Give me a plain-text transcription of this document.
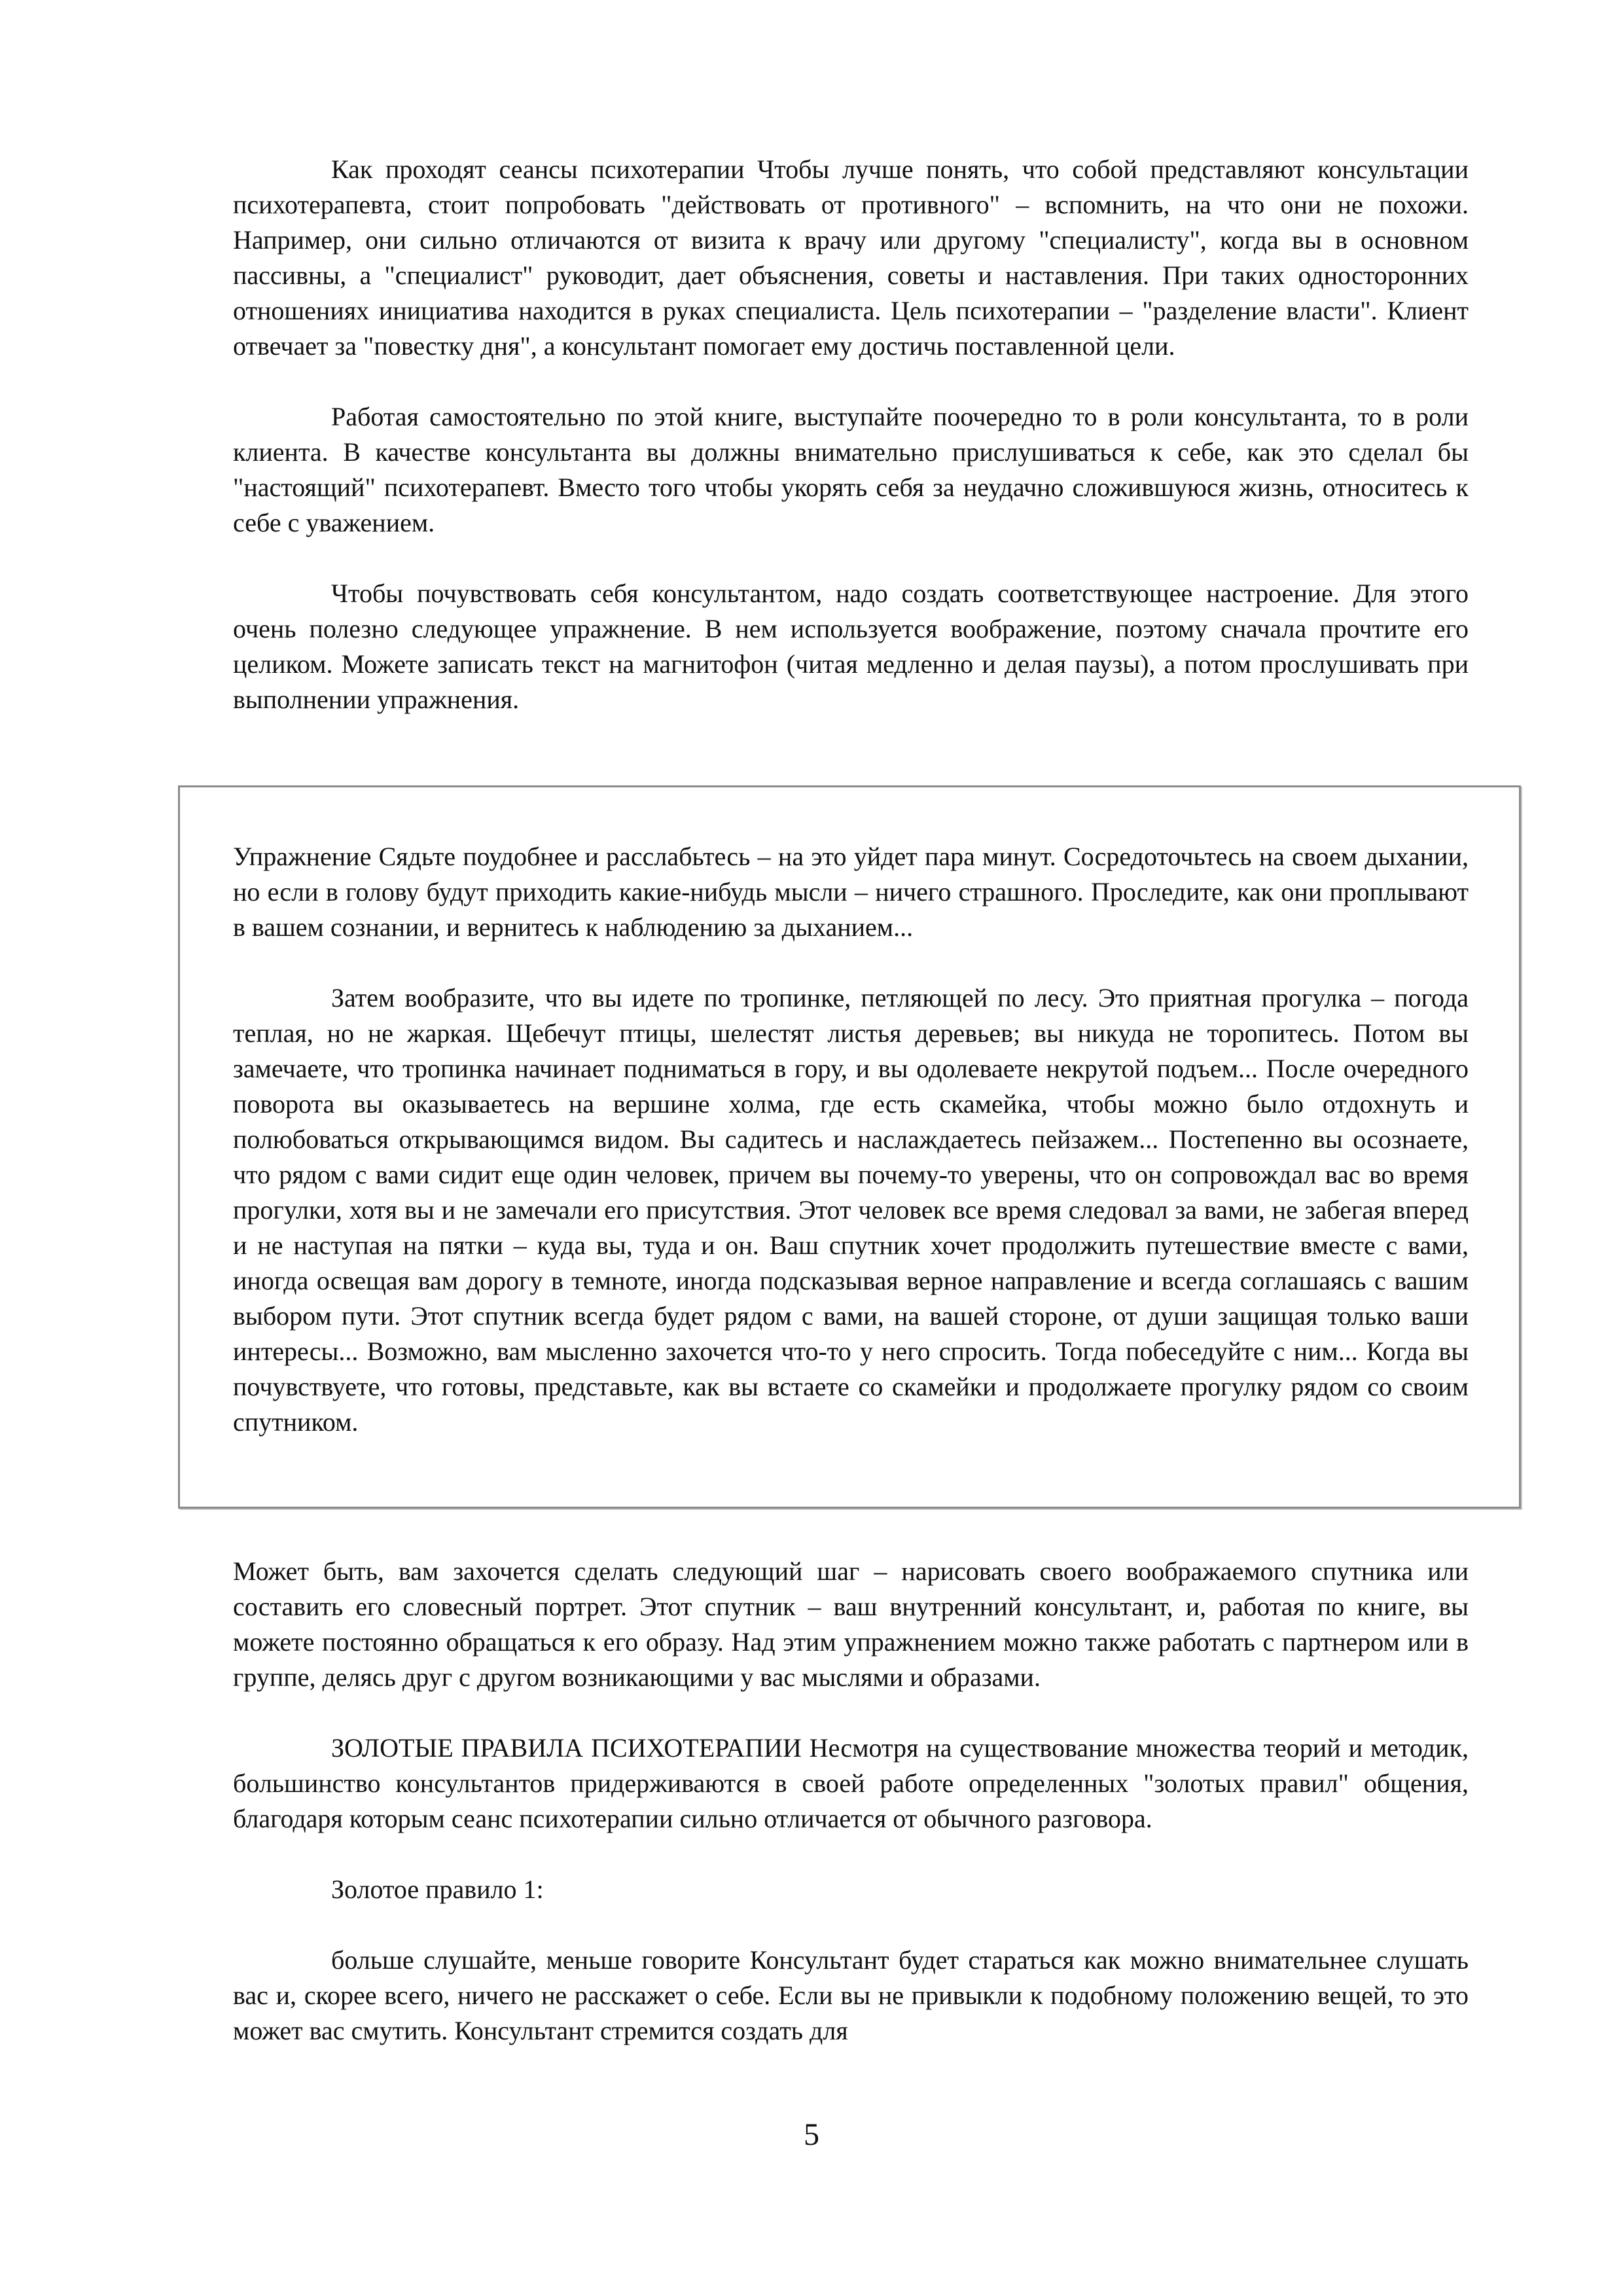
Как проходят сеансы психотерапии Чтобы лучше понять, что собой представляют консультации психотерапевта, стоит попробовать "действовать от противного" – вспомнить, на что они не похожи. Например, они сильно отличаются от визита к врачу или другому "специалисту", когда вы в основном пассивны, а "специалист" руководит, дает объяснения, советы и наставления. При таких односторонних отношениях инициатива находится в руках специалиста. Цель психотерапии – "разделение власти". Клиент отвечает за "повестку дня", а консультант помогает ему достичь поставленной цели.

Работая самостоятельно по этой книге, выступайте поочередно то в роли консультанта, то в роли клиента. В качестве консультанта вы должны внимательно прислушиваться к себе, как это сделал бы "настоящий" психотерапевт. Вместо того чтобы укорять себя за неудачно сложившуюся жизнь, относитесь к себе с уважением.

Чтобы почувствовать себя консультантом, надо создать соответствующее настроение. Для этого очень полезно следующее упражнение. В нем используется воображение, поэтому сначала прочтите его целиком. Можете записать текст на магнитофон (читая медленно и делая паузы), а потом прослушивать при выполнении упражнения.

Упражнение Сядьте поудобнее и расслабьтесь – на это уйдет пара минут. Сосредоточьтесь на своем дыхании, но если в голову будут приходить какие-нибудь мысли – ничего страшного. Проследите, как они проплывают в вашем сознании, и вернитесь к наблюдению за дыханием...

Затем вообразите, что вы идете по тропинке, петляющей по лесу. Это приятная прогулка – погода теплая, но не жаркая. Щебечут птицы, шелестят листья деревьев; вы никуда не торопитесь. Потом вы замечаете, что тропинка начинает подниматься в гору, и вы одолеваете некрутой подъем... После очередного поворота вы оказываетесь на вершине холма, где есть скамейка, чтобы можно было отдохнуть и полюбоваться открывающимся видом. Вы садитесь и наслаждаетесь пейзажем... Постепенно вы осознаете, что рядом с вами сидит еще один человек, причем вы почему-то уверены, что он сопровождал вас во время прогулки, хотя вы и не замечали его присутствия. Этот человек все время следовал за вами, не забегая вперед и не наступая на пятки – куда вы, туда и он. Ваш спутник хочет продолжить путешествие вместе с вами, иногда освещая вам дорогу в темноте, иногда подсказывая верное направление и всегда соглашаясь с вашим выбором пути. Этот спутник всегда будет рядом с вами, на вашей стороне, от души защищая только ваши интересы... Возможно, вам мысленно захочется что-то у него спросить. Тогда побеседуйте с ним... Когда вы почувствуете, что готовы, представьте, как вы встаете со скамейки и продолжаете прогулку рядом со своим спутником.

Может быть, вам захочется сделать следующий шаг – нарисовать своего воображаемого спутника или составить его словесный портрет. Этот спутник – ваш внутренний консультант, и, работая по книге, вы можете постоянно обращаться к его образу. Над этим упражнением можно также работать с партнером или в группе, делясь друг с другом возникающими у вас мыслями и образами.

ЗОЛОТЫЕ ПРАВИЛА ПСИХОТЕРАПИИ Несмотря на существование множества теорий и методик, большинство консультантов придерживаются в своей работе определенных "золотых правил" общения, благодаря которым сеанс психотерапии сильно отличается от обычного разговора.

Золотое правило 1:

больше слушайте, меньше говорите Консультант будет стараться как можно внимательнее слушать вас и, скорее всего, ничего не расскажет о себе. Если вы не привыкли к подобному положению вещей, то это может вас смутить. Консультант стремится создать для

5
